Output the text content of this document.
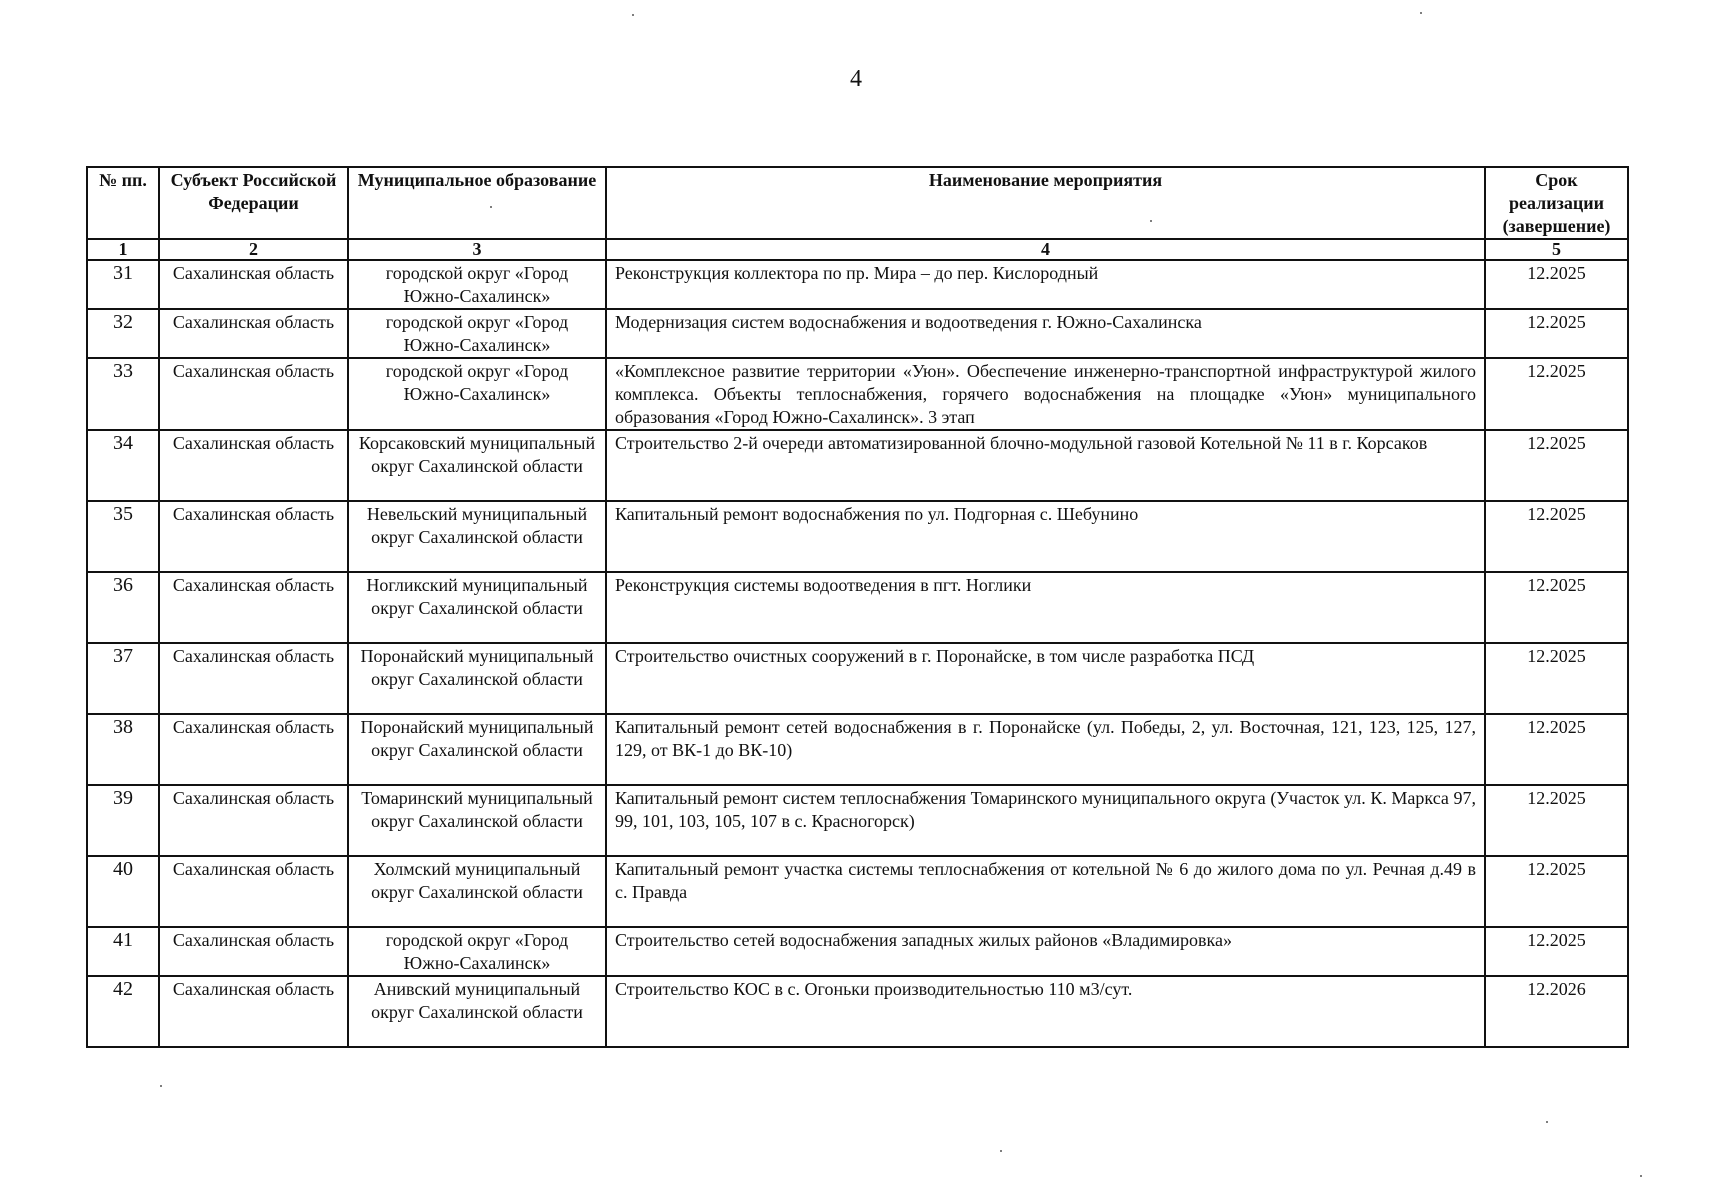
4
№ пп.	Субъект Российской Федерации	Муниципальное образование	Наименование мероприятия	Срок реализации (завершение)
1	2	3	4	5
31	Сахалинская область	городской округ «Город Южно-Сахалинск»	Реконструкция коллектора по пр. Мира – до пер. Кислородный	12.2025
32	Сахалинская область	городской округ «Город Южно-Сахалинск»	Модернизация систем водоснабжения и водоотведения г. Южно-Сахалинска	12.2025
33	Сахалинская область	городской округ «Город Южно-Сахалинск»	«Комплексное развитие территории «Уюн». Обеспечение инженерно-транспортной инфраструктурой жилого комплекса. Объекты теплоснабжения, горячего водоснабжения на площадке «Уюн» муниципального образования «Город Южно-Сахалинск». 3 этап	12.2025
34	Сахалинская область	Корсаковский муниципальный округ Сахалинской области	Строительство 2-й очереди автоматизированной блочно-модульной газовой Котельной № 11 в г. Корсаков	12.2025
35	Сахалинская область	Невельский муниципальный округ Сахалинской области	Капитальный ремонт водоснабжения по ул. Подгорная с. Шебунино	12.2025
36	Сахалинская область	Ногликский муниципальный округ Сахалинской области	Реконструкция системы водоотведения в пгт. Ноглики	12.2025
37	Сахалинская область	Поронайский муниципальный округ Сахалинской области	Строительство очистных сооружений в г. Поронайске, в том числе разработка ПСД	12.2025
38	Сахалинская область	Поронайский муниципальный округ Сахалинской области	Капитальный ремонт сетей водоснабжения в г. Поронайске (ул. Победы, 2, ул. Восточная, 121, 123, 125, 127, 129, от ВК-1 до ВК-10)	12.2025
39	Сахалинская область	Томаринский муниципальный округ Сахалинской области	Капитальный ремонт систем теплоснабжения Томаринского муниципального округа (Участок ул. К. Маркса 97, 99, 101, 103, 105, 107 в с. Красногорск)	12.2025
40	Сахалинская область	Холмский муниципальный округ Сахалинской области	Капитальный ремонт участка системы теплоснабжения от котельной № 6 до жилого дома по ул. Речная д.49 в с. Правда	12.2025
41	Сахалинская область	городской округ «Город Южно-Сахалинск»	Строительство сетей водоснабжения западных жилых районов «Владимировка»	12.2025
42	Сахалинская область	Анивский муниципальный округ Сахалинской области	Строительство КОС в с. Огоньки производительностью 110 м3/сут.	12.2026
